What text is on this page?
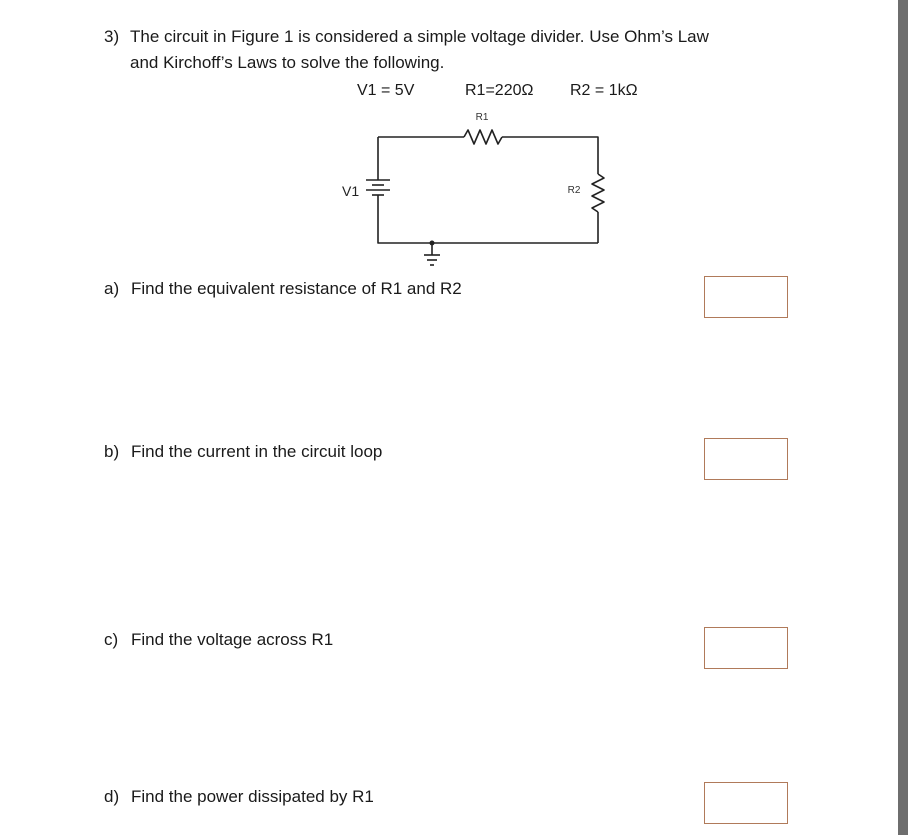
3) The circuit in Figure 1 is considered a simple voltage divider. Use Ohm’s Law
and Kirchoff’s Laws to solve the following.
V1 = 5V	R1=220Ω R2 = 1kΩ
R1
R2
V1
a) Find the equivalent resistance of R1 and R2
b) Find the current in the circuit loop
c) Find the voltage across R1
d) Find the power dissipated by R1
